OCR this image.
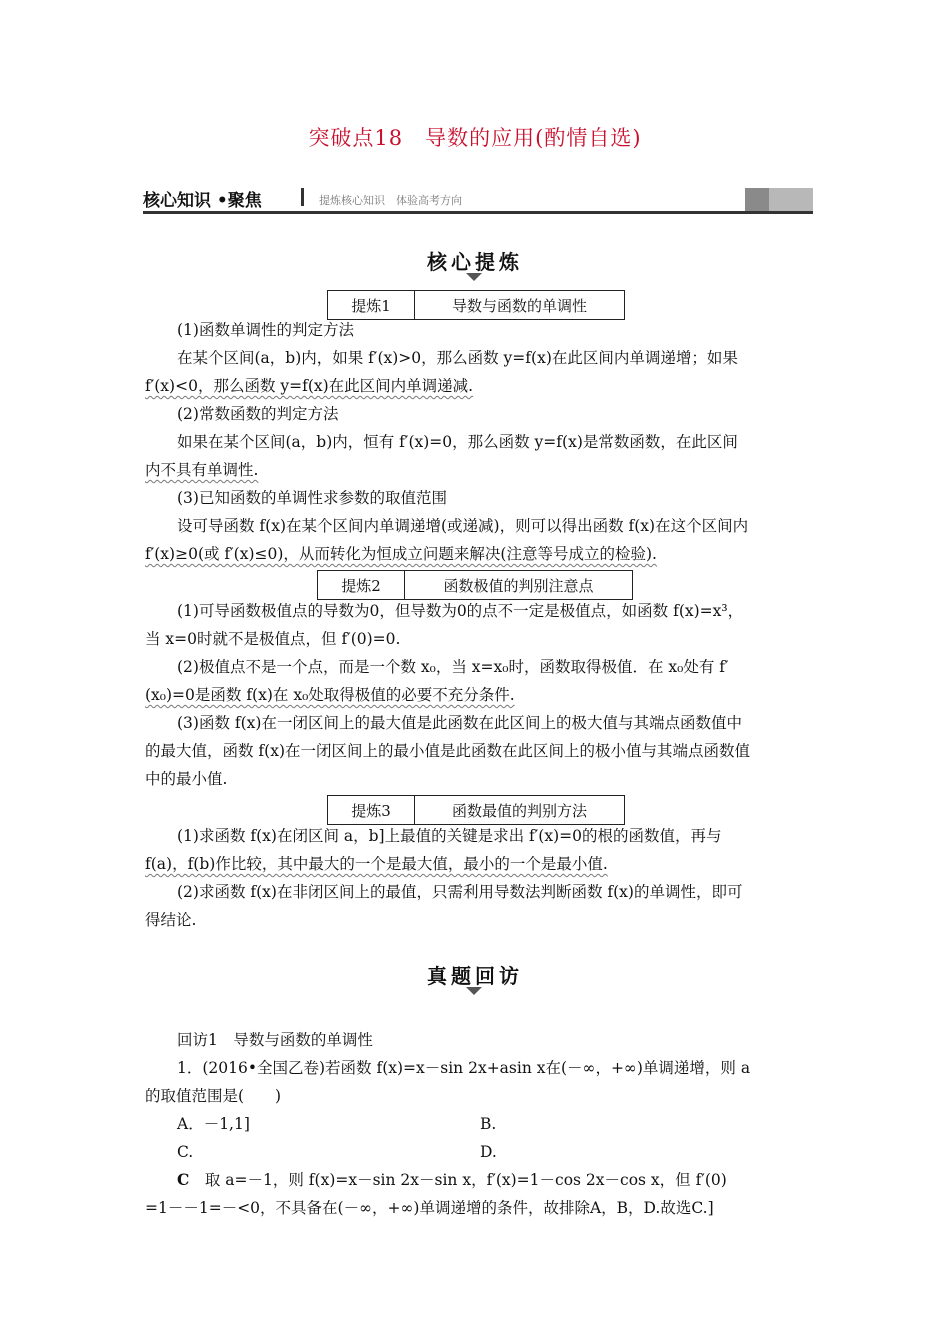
突破点18　导数的应用(酌情自选)
核心知识 •聚焦	提炼核心知识　体验高考方向
核心提炼
提炼1	导数与函数的单调性
(1)函数单调性的判定方法
在某个区间(a，b)内，如果 f′(x)>0，那么函数 y=f(x)在此区间内单调递增；如果
f′(x)<0，那么函数 y=f(x)在此区间内单调递减.
(2)常数函数的判定方法
如果在某个区间(a，b)内，恒有 f′(x)=0，那么函数 y=f(x)是常数函数，在此区间
内不具有单调性.
(3)已知函数的单调性求参数的取值范围
设可导函数 f(x)在某个区间内单调递增(或递减)，则可以得出函数 f(x)在这个区间内
f′(x)≥0(或 f′(x)≤0)，从而转化为恒成立问题来解决(注意等号成立的检验).
提炼2	函数极值的判别注意点
(1)可导函数极值点的导数为0，但导数为0的点不一定是极值点，如函数 f(x)=x³，
当 x=0时就不是极值点，但 f′(0)=0.
(2)极值点不是一个点，而是一个数 x₀，当 x=x₀时，函数取得极值．在 x₀处有 f′
(x₀)=0是函数 f(x)在 x₀处取得极值的必要不充分条件.
(3)函数 f(x)在一闭区间上的最大值是此函数在此区间上的极大值与其端点函数值中
的最大值，函数 f(x)在一闭区间上的最小值是此函数在此区间上的极小值与其端点函数值
中的最小值.
提炼3	函数最值的判别方法
(1)求函数 f(x)在闭区间 a，b]上最值的关键是求出 f′(x)=0的根的函数值，再与
f(a)，f(b)作比较，其中最大的一个是最大值，最小的一个是最小值.
(2)求函数 f(x)在非闭区间上的最值，只需利用导数法判断函数 f(x)的单调性，即可
得结论.
真题回访
回访1　导数与函数的单调性
1．(2016•全国乙卷)若函数 f(x)=x－sin 2x+asin x在(－∞，+∞)单调递增，则 a
的取值范围是(　　)
A．－1,1]	B.
C.	D.
C　取 a=－1，则 f(x)=x－sin 2x－sin x，f′(x)=1－cos 2x－cos x，但 f′(0)
=1－－1=－<0，不具备在(－∞，+∞)单调递增的条件，故排除A，B，D.故选C.]
